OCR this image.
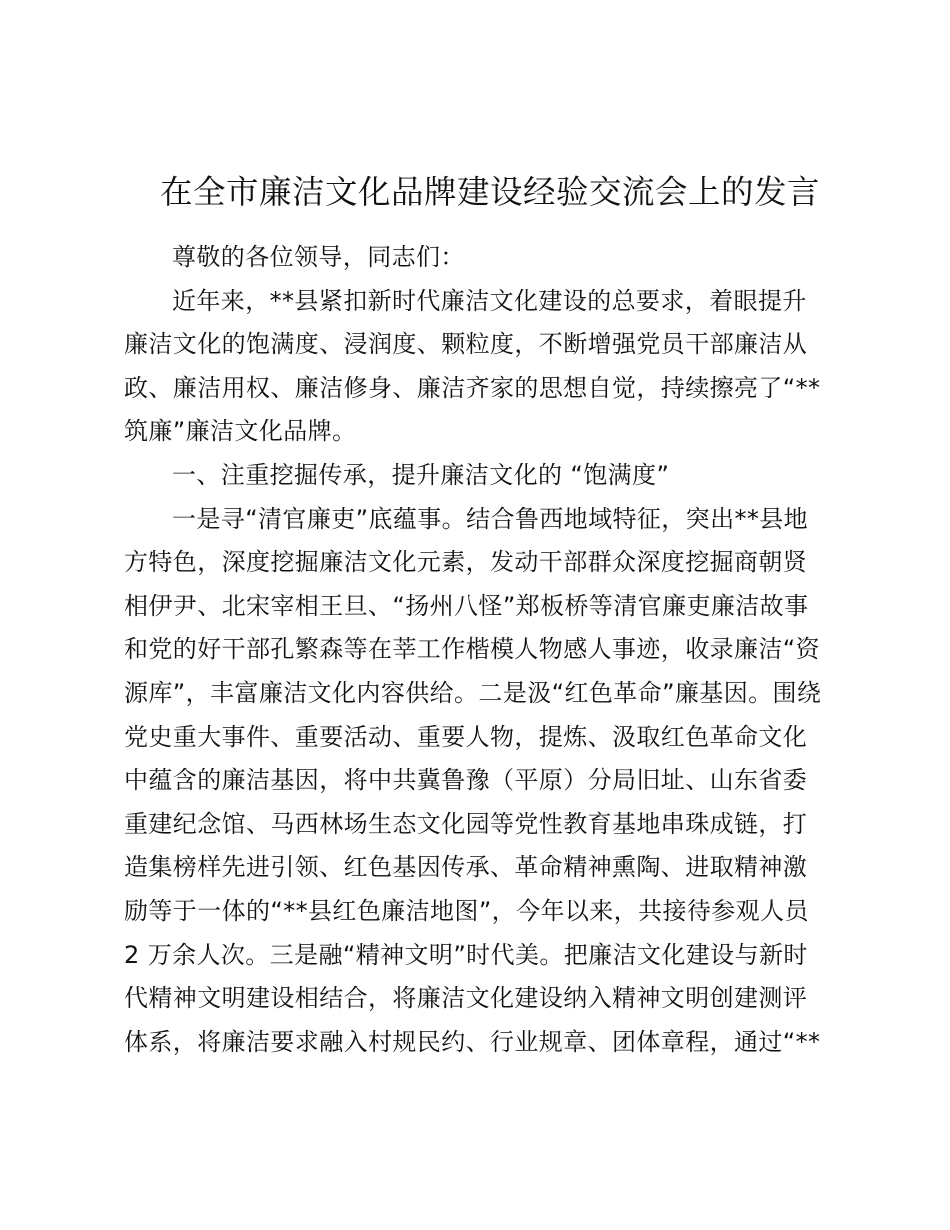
在全市廉洁文化品牌建设经验交流会上的发言

尊敬的各位领导，同志们：

近年来，**县紧扣新时代廉洁文化建设的总要求，着眼提升
廉洁文化的饱满度、浸润度、颗粒度，不断增强党员干部廉洁从
政、廉洁用权、廉洁修身、廉洁齐家的思想自觉，持续擦亮了“**
筑廉”廉洁文化品牌。

一、注重挖掘传承，提升廉洁文化的 “饱满度”

一是寻“清官廉吏”底蕴事。结合鲁西地域特征，突出**县地
方特色，深度挖掘廉洁文化元素，发动干部群众深度挖掘商朝贤
相伊尹、北宋宰相王旦、“扬州八怪”郑板桥等清官廉吏廉洁故事
和党的好干部孔繁森等在莘工作楷模人物感人事迹，收录廉洁“资
源库”，丰富廉洁文化内容供给。二是汲“红色革命”廉基因。围绕
党史重大事件、重要活动、重要人物，提炼、汲取红色革命文化
中蕴含的廉洁基因，将中共冀鲁豫（平原）分局旧址、山东省委
重建纪念馆、马西林场生态文化园等党性教育基地串珠成链，打
造集榜样先进引领、红色基因传承、革命精神熏陶、进取精神激
励等于一体的“**县红色廉洁地图”，今年以来，共接待参观人员
2 万余人次。三是融“精神文明”时代美。把廉洁文化建设与新时
代精神文明建设相结合，将廉洁文化建设纳入精神文明创建测评
体系，将廉洁要求融入村规民约、行业规章、团体章程，通过“**
